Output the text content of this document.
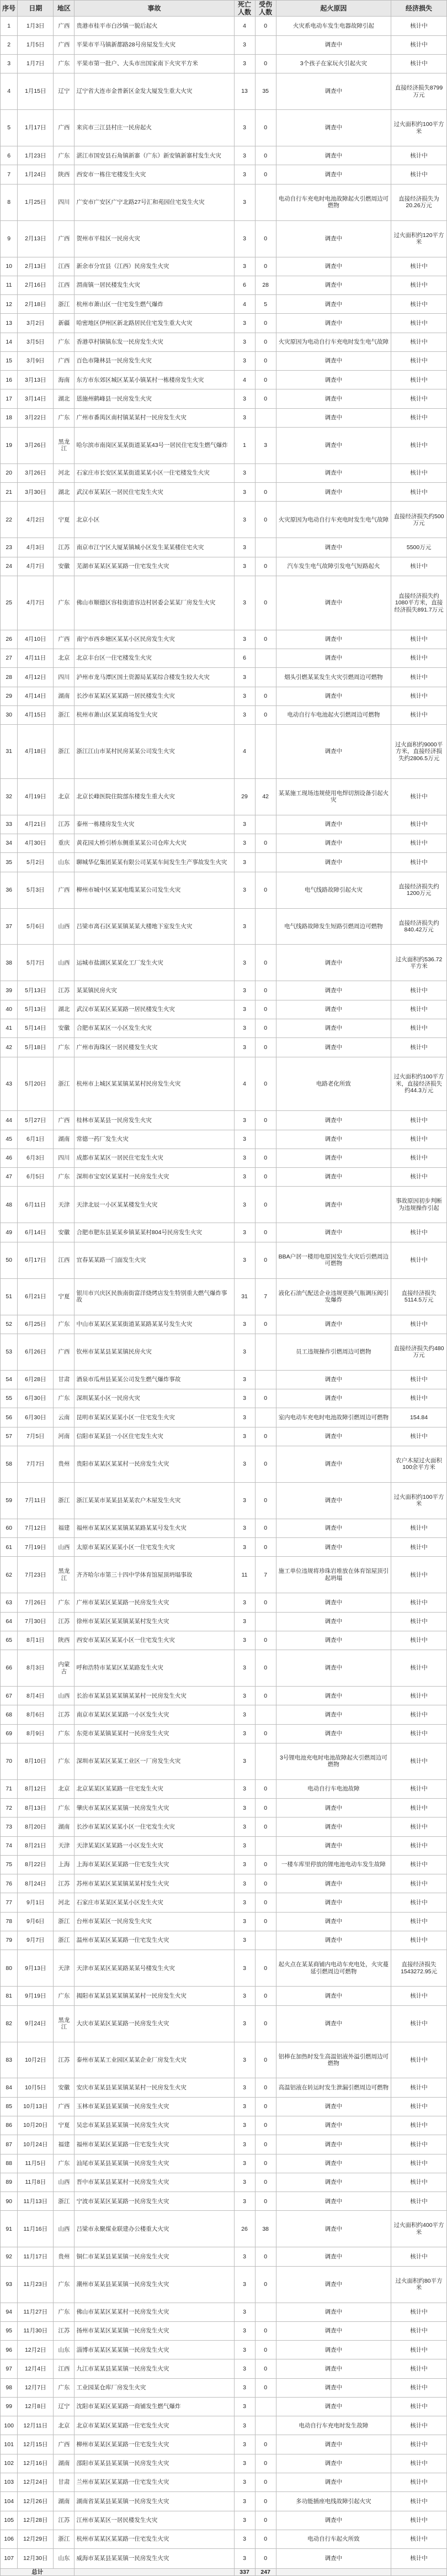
序号	日期	地区	事故	死亡人数	受伤人数	起火原因	经济损失
1	1月3日	广西	贵港市桂平市白沙镇一貌后起火	4	0	火灾系电动车发生电器故障引起	核计中
2	1月5日	广西	平果市平马镇新都路28号房屋发生火灾	3		调查中	核计中
3	1月7日	广东	平果市第一批户、大头市出国家南下火灾平方米	3	0	3个孩子在家玩火引起火灾	核计中
4	1月15日	辽宁	辽宁省大连市金普新区金发大厦发生重大火灾	13	35	调查中	直接经济损失8799万元
5	1月17日	广西	来宾市三江县村庄一民房起火	3	0	调查中	过火面积约100平方米
6	1月23日	广东	湛江市国安县石角镇新寨（广东）新安镇新寨村发生火灾	3	0	调查中	核计中
7	1月24日	陕西	西安市一栋住宅楼发生火灾	3	0	调查中	核计中
8	1月25日	四川	广安市广安区广宁北路27号汇和苑园住宅发生火灾	3		电动自行车充电时电池故障起火引燃周边可燃物	直接经济损失为20.26万元
9	2月13日	广西	贺州市平桂区一民房火灾	3	0	调查中	过火面积约120平方米
10	2月13日	江西	新余市分宜县（江西）民房发生火灾	3	0	调查中	核计中
11	2月16日	江西	渭南镇一居民楼发生火灾	6	28	调查中	核计中
12	2月18日	浙江	杭州市萧山区一住宅发生燃气爆炸	4	5	调查中	核计中
13	3月2日	新疆	哈密地区伊州区新北路居民住宅发生重大火灾	3	0	调查中	核计中
14	3月5日	广东	香港草村镇镇东发一民房发生火灾	3	0	火灾原因为电动自行车充电时发生电气故障	核计中
15	3月9日	广西	百色市隆林县一民房发生火灾	3	0	调查中	核计中
16	3月13日	海南	东方市东郊区城区某某小镇某村一栋楼房发生火灾	4	0	调查中	核计中
17	3月14日	湖北	恩施州鹤峰县一民房发生火灾	3	0	调查中	核计中
18	3月22日	广东	广州市番禺区南村镇某某村一民房发生火灾	3		调查中	核计中
19	3月26日	黑龙江	哈尔滨市南岗区某某街道某某43号一居民住宅发生燃气爆炸	1	3	调查中	核计中
20	3月26日	河北	石家庄市长安区某某街道某某小区一住宅楼发生火灾	3		调查中	核计中
21	3月30日	湖北	武汉市某某区一居民住宅发生火灾	3	0	调查中	核计中
22	4月2日	宁夏	北京小区	3	0	火灾原因为电动自行车充电时发生电气故障	直接经济损失约500万元
23	4月3日	江苏	南京市江宁区大厦某镇城小区发生某某楼住宅火灾	3		调查中	5500万元
24	4月7日	安徽	芜湖市某某区某某路一住宅发生火灾	3	0	汽车发生电气故障引发电气短路起火	核计中
25	4月7日	广东	佛山市顺德区容桂街道容边村居委会某某厂房发生火灾	3	0	调查中	直接经济损失约1080平方米，直接经济损失891.7万元
26	4月10日	广西	南宁市西乡塘区某某小区民房发生火灾	3	0	调查中	核计中
27	4月11日	北京	北京丰台区一住宅楼发生火灾	6		调查中	核计中
28	4月12日	四川	泸州市龙马潭区国土资源局某某综合楼发生较大火灾	3		烟头引燃某某发生火灾引燃周边可燃物	核计中
29	4月14日	湖南	长沙市某某区某某路一居民楼发生火灾	3	0	调查中	核计中
30	4月15日	浙江	杭州市萧山区某某商场发生火灾	3	0	电动自行车电池起火引燃周边可燃物	核计中
31	4月18日	浙江	浙江江山市某村民房某某公司发生火灾	4		调查中	过火面积约9000平方米，直接经济损失约2806.5万元
32	4月19日	北京	北京长峰医院住院部东楼发生重大火灾	29	42	某某施工现场违规使用电焊切割设备引起火灾	核计中
33	4月21日	江苏	泰州一栋楼房发生火灾	3		调查中	核计中
34	4月30日	重庆	黄花园大桥引桥东侧重某某公司仓库大火灾	3	0	调查中	核计中
35	5月2日	山东	聊城华亿集团某某有限公司某某车间发生生产事故发生火灾	3		调查中	核计中
36	5月3日	广西	柳州市城中区某某电缆某某公司发生火灾	3	0	电气线路故障引起火灾	直接经济损失约1200万元
37	5月6日	山西	吕梁市离石区某某镇某某大楼地下室发生火灾	3		电气线路故障发生短路引燃周边可燃物	直接经济损失约840.42万元
38	5月7日	山西	运城市盐湖区某某化工厂发生火灾	3	0	调查中	过火面积约536.72平方米
39	5月13日	江苏	某某镇民房火灾	3	0	调查中	核计中
40	5月13日	湖北	武汉市某某区某某路一居民楼发生火灾	3	0	调查中	核计中
41	5月14日	安徽	合肥市某某区一小区发生火灾	3	0	调查中	核计中
42	5月18日	广东	广州市海珠区一居民楼发生火灾	3	0	调查中	核计中
43	5月20日	浙江	杭州市上城区某某镇某某村民房发生火灾	4	0	电路老化所致	过火面积约100平方米，直接经济损失约44.3万元
44	5月27日	广西	桂林市某某县一民房发生火灾	3	0	调查中	核计中
45	6月1日	湖南	常德一药厂发生火灾	3		调查中	核计中
46	6月3日	四川	成都市某某区一居民住宅发生火灾	3	0	调查中	核计中
47	6月5日	广东	深圳市宝安区某某村一民房发生火灾	3	0	调查中	核计中
48	6月11日	天津	天津北辰一小区某某楼发生火灾	3	0	调查中	事故原因初步判断为违规操作引起
49	6月14日	安徽	合肥市肥东县某某乡镇某某村804号民房发生火灾	3	0	调查中	核计中
50	6月17日	江西	宜春某某路一门面发生火灾	3	0	BBA户居一楼用电原因发生火灾后引燃周边可燃物	核计中
51	6月21日	宁夏	银川市兴庆区民族南街富洋烧烤店发生特别重大燃气爆炸事故	31	7	液化石油气配送企业违规更换气瓶调压阀引发爆炸	直接经济损失5114.5万元
52	6月25日	广东	中山市某某区某某街道某某路某某号发生火灾	3	0	调查中	核计中
53	6月26日	广西	钦州市某某县某某镇民房火灾	3		员工违规操作引燃周边可燃物	直接经济损失约480万元
54	6月28日	甘肃	酒泉市瓜州县某某公司发生燃气爆炸事故	3		调查中	核计中
55	6月30日	广东	深圳某某小区一民房火灾	3	0	调查中	核计中
56	6月30日	云南	昆明市某某区某某小区一住宅发生火灾	3		室内电动车充电时电池故障引燃周边可燃物	154.84
57	7月5日	河南	信阳市某某县一小区住宅发生火灾	3	0	调查中	核计中
58	7月7日	贵州	贵阳市某某区某某村一民房发生火灾	3	0	调查中	农户木屋过火面积100余平方米
59	7月11日	浙江	浙江某某市某某县某某农户木屋发生火灾	3	0	调查中	过火面积约100平方米
60	7月12日	福建	福州市某某区某某镇某某路某某号发生火灾	3	0	调查中	核计中
61	7月19日	山西	太原市某某区某某小区一住宅发生火灾	3	0	调查中	核计中
62	7月23日	黑龙江	齐齐哈尔市第三十四中学体育馆屋顶坍塌事故	11	7	施工单位违规将珍珠岩堆放在体育馆屋顶引起坍塌	核计中
63	7月26日	广东	广州市某某区某某路一民房发生火灾	3	0	调查中	核计中
64	7月30日	江苏	徐州市某某区某某镇某某村发生火灾	3		调查中	核计中
65	8月1日	陕西	西安市某某区某某小区一住宅发生火灾	3	0	调查中	核计中
66	8月3日	内蒙古	呼和浩特市某某区某某路发生火灾	3	0	调查中	核计中
67	8月4日	山西	长治市某某县某某镇某某村一民房发生火灾	3	0	调查中	核计中
68	8月6日	江苏	南京市某某区某某路一小区发生火灾	3		调查中	核计中
69	8月9日	广东	东莞市某某镇某某村一民房发生火灾	3	0	调查中	核计中
70	8月10日	广东	深圳市某某区某某工业区一厂房发生火灾	3		3号锂电池充电时电池故障起火引燃周边可燃物	核计中
71	8月12日	北京	北京某某区某某路一住宅发生火灾	3	0	电动自行车电池故障	核计中
72	8月13日	广东	肇庆市某某区某某镇一民房发生火灾	3	0	调查中	核计中
73	8月20日	湖南	长沙市某某区某某小区一住宅发生火灾	3	0	调查中	核计中
74	8月21日	天津	天津某某区某某路一小区发生火灾	3		调查中	核计中
75	8月22日	上海	上海市某某区某某路一住宅发生火灾	3	0	一楼车库里停放的锂电池电动车发生故障	核计中
76	8月24日	江苏	苏州市某某区某某镇某某村发生火灾	3	0	调查中	核计中
77	9月1日	河北	石家庄市某某区某某小区发生火灾	3	0	调查中	核计中
78	9月6日	浙江	台州市某某区一民房发生火灾	3	0	调查中	核计中
79	9月7日	浙江	温州市某某区某某路一住宅发生火灾	3		调查中	核计中
80	9月13日	天津	天津市某某区某某路某某号楼发生火灾	3	0	起火点在某某商铺内电动车充电处，火灾蔓延引燃周边可燃物	直接经济损失1543272.95元
81	9月19日	广东	揭阳市某某县某某镇某某村一民房发生火灾	3	0	调查中	核计中
82	9月24日	黑龙江	大庆市某某区某某路一民房发生火灾	3	0	调查中	核计中
83	10月2日	江苏	泰州市某某工业园区某某企业厂房发生火灾	3	0	铝棒在加热时发生高温铝液外溢引燃周边可燃物	核计中
84	10月5日	安徽	安庆市某某县某某镇某某村一民房发生火灾	3	0	高温铝液在转运时发生泄漏引燃周边可燃物	核计中
85	10月13日	广西	玉林市某某县某某镇一民房发生火灾	3	0	调查中	核计中
86	10月20日	宁夏	吴忠市某某县某某镇一民房发生火灾	3	0	调查中	核计中
87	10月24日	福建	福州市某某区某某路一住宅发生火灾	3	0	调查中	核计中
88	11月5日	广东	汕尾市某某县某某镇一民房发生火灾	3	0	调查中	核计中
89	11月8日	山西	晋中市某某县某某村一民房发生火灾	3	0	调查中	核计中
90	11月13日	浙江	宁波市某某区某某路一民房发生火灾	3	0	调查中	核计中
91	11月16日	山西	吕梁市永聚煤业联建办公楼重大火灾	26	38	调查中	过火面积约400平方米
92	11月17日	贵州	铜仁市某某县某某镇一民房发生火灾	3	0	调查中	核计中
93	11月23日	广东	潮州市某某县某某镇一民房发生火灾	3	0	调查中	过火面积约80平方米
94	11月27日	广东	佛山市某某区某某村一民房发生火灾	3		调查中	核计中
95	11月30日	江苏	扬州市某某区某某镇一民房发生火灾	3	0	调查中	核计中
96	12月2日	山东	淄博市某某区某某镇一民房发生火灾	3	0	调查中	核计中
97	12月4日	江西	九江市某某县某某镇一民房发生火灾	3	0	调查中	核计中
98	12月7日	广东	工业园某仓库厂房发生火灾	3	0	调查中	核计中
99	12月8日	辽宁	沈阳市某某区某某路一商铺发生燃气爆炸	3		调查中	核计中
100	12月11日	北京	北京市某某区某某路一住宅发生火灾	3		电动自行车充电时发生故障	核计中
101	12月15日	广西	柳州市某某区某某路一住宅发生火灾	3	0	调查中	核计中
102	12月16日	湖南	邵阳市某某县某某镇一民房发生火灾	3	0	调查中	核计中
103	12月24日	甘肃	兰州市某某区某某路一住宅发生火灾	3	0	调查中	核计中
104	12月26日	湖南	湖南省某某县某某镇一民房发生火灾	3	0	多功能插座电线故障引起火灾	核计中
105	12月28日	江苏	江州市某某区一居民楼发生火灾	3	0	调查中	核计中
106	12月29日	浙江	杭州市某某区某某路一住宅发生火灾	3	0	电动自行车起火所致	核计中
107	12月30日	山东	威海市某某县某某镇一民房发生火灾	3	0	调查中	核计中
总计				337	247		
